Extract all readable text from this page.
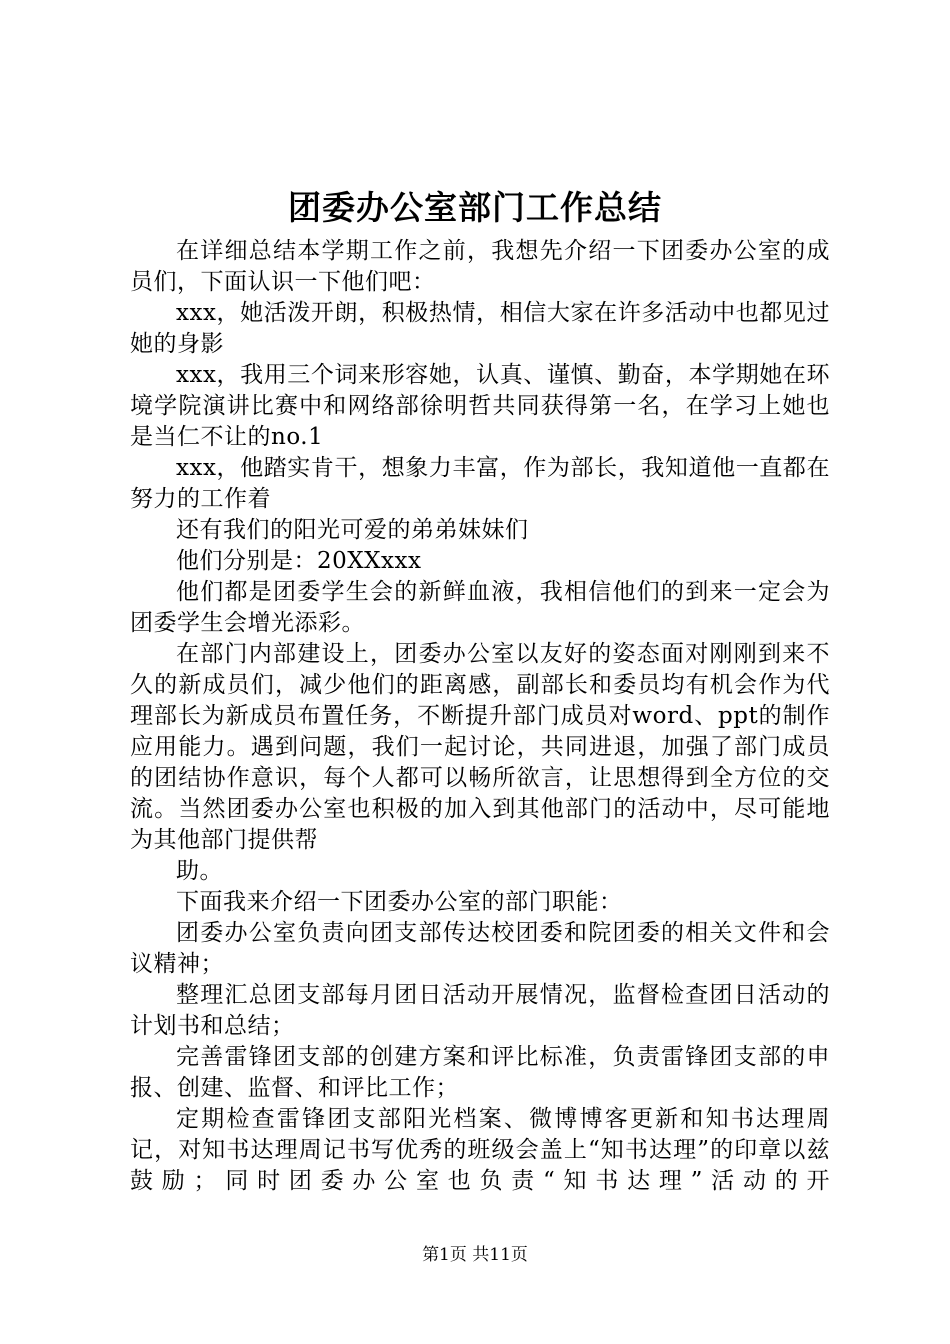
团委办公室部门工作总结

在详细总结本学期工作之前，我想先介绍一下团委办公室的成员们，下面认识一下他们吧：

xxx，她活泼开朗，积极热情，相信大家在许多活动中也都见过她的身影

xxx，我用三个词来形容她，认真、谨慎、勤奋，本学期她在环境学院演讲比赛中和网络部徐明哲共同获得第一名，在学习上她也是当仁不让的no.1

xxx，他踏实肯干，想象力丰富，作为部长，我知道他一直都在努力的工作着

还有我们的阳光可爱的弟弟妹妹们

他们分别是：20XXxxx

他们都是团委学生会的新鲜血液，我相信他们的到来一定会为团委学生会增光添彩。

在部门内部建设上，团委办公室以友好的姿态面对刚刚到来不久的新成员们，减少他们的距离感，副部长和委员均有机会作为代理部长为新成员布置任务，不断提升部门成员对word、ppt的制作应用能力。遇到问题，我们一起讨论，共同进退，加强了部门成员的团结协作意识，每个人都可以畅所欲言，让思想得到全方位的交流。当然团委办公室也积极的加入到其他部门的活动中，尽可能地为其他部门提供帮

助。

下面我来介绍一下团委办公室的部门职能：

团委办公室负责向团支部传达校团委和院团委的相关文件和会议精神；

整理汇总团支部每月团日活动开展情况，监督检查团日活动的计划书和总结；

完善雷锋团支部的创建方案和评比标准，负责雷锋团支部的申报、创建、监督、和评比工作；

定期检查雷锋团支部阳光档案、微博博客更新和知书达理周记，对知书达理周记书写优秀的班级会盖上“知书达理”的印章以兹鼓励；同时团委办公室也负责“知书达理”活动的开

第1页 共11页
